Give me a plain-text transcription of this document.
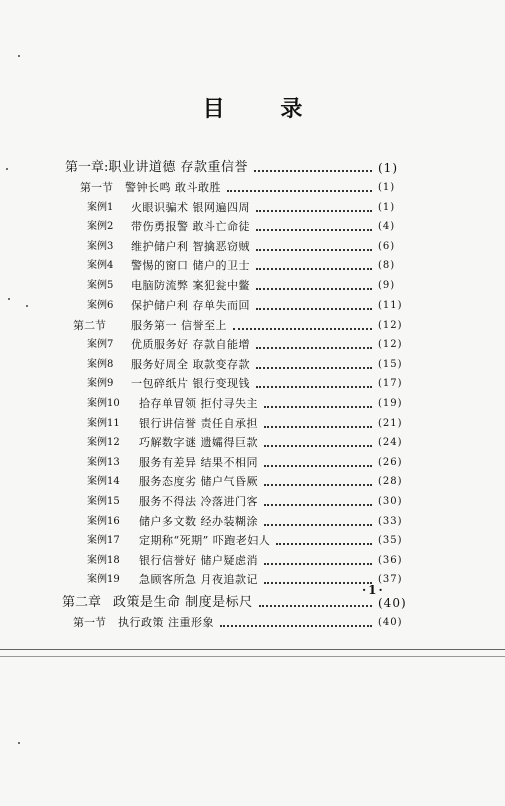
目 录
第一章 : 职业讲道德 存款重信誉	(1)
第一节	警钟长鸣 敢斗敢胜	(1)
案例1	火眼识骗术 银网遍四周	(1)
案例2	带伤勇报警 敢斗亡命徒	(4)
案例3	维护储户利 智擒恶窃贼	(6)
案例4	警惕的窗口 储户的卫士	(8)
案例5	电脑防流弊 案犯瓮中鳖	(9)
案例6	保护储户利 存单失而回	(11)
第二节	服务第一 信誉至上	(12)
案例7	优质服务好 存款自能增	(12)
案例8	服务好周全 取款变存款	(15)
案例9	一包碎纸片 银行变现钱	(17)
案例10	拾存单冒领 拒付寻失主	(19)
案例11	银行讲信誉 责任自承担	(21)
案例12	巧解数字谜 遗孀得巨款	(24)
案例13	服务有差异 结果不相同	(26)
案例14	服务态度劣 储户气昏厥	(28)
案例15	服务不得法 冷落进门客	(30)
案例16	储户多文数 经办装糊涂	(33)
案例17	定期称“死期” 吓跑老妇人	(35)
案例18	银行信誉好 储户疑虑消	(36)
案例19	急顾客所急 月夜追款记	(37)
第二章 政策是生命 制度是标尺	(40)
第一节	执行政策 注重形象	(40)
·1·
